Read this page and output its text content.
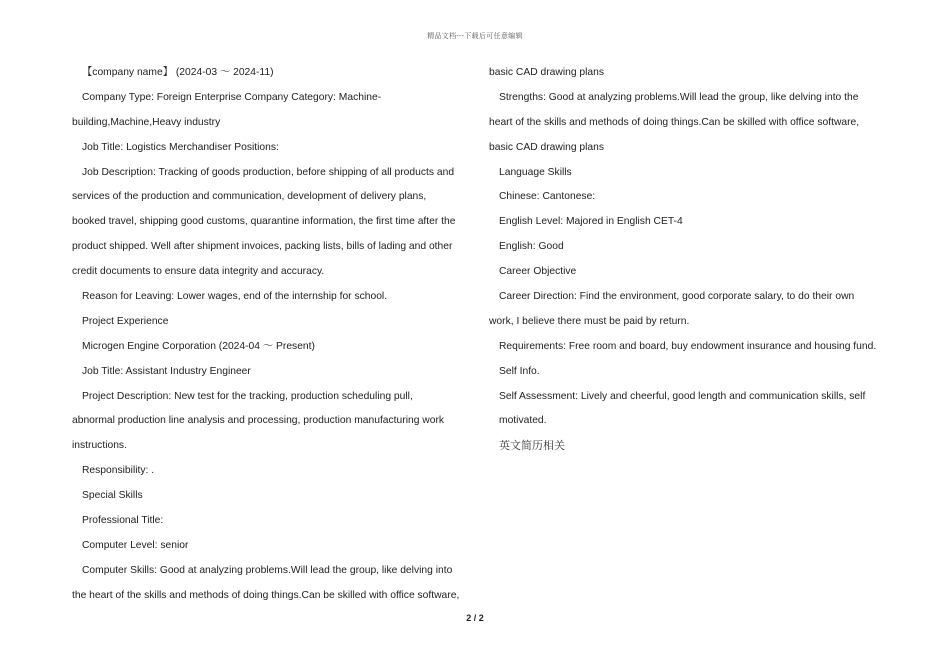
精品文档---下载后可任意编辑
【company name】 (2024-03 ～ 2024-11)
Company Type: Foreign Enterprise Company Category: Machine-
building,Machine,Heavy industry
Job Title: Logistics Merchandiser Positions:
Job Description: Tracking of goods production, before shipping of all products and
services of the production and communication, development of delivery plans,
booked travel, shipping good customs, quarantine information, the first time after the
product shipped. Well after shipment invoices, packing lists, bills of lading and other
credit documents to ensure data integrity and accuracy.
Reason for Leaving: Lower wages, end of the internship for school.
Project Experience
Microgen Engine Corporation (2024-04 ～ Present)
Job Title: Assistant Industry Engineer
Project Description: New test for the tracking, production scheduling pull,
abnormal production line analysis and processing, production manufacturing work
instructions.
Responsibility: .
Special Skills
Professional Title:
Computer Level: senior
Computer Skills: Good at analyzing problems.Will lead the group, like delving into
the heart of the skills and methods of doing things.Can be skilled with office software,
basic CAD drawing plans
Strengths: Good at analyzing problems.Will lead the group, like delving into the
heart of the skills and methods of doing things.Can be skilled with office software,
basic CAD drawing plans
Language Skills
Chinese: Cantonese:
English Level: Majored in English CET-4
English: Good
Career Objective
Career Direction: Find the environment, good corporate salary, to do their own
work, I believe there must be paid by return.
Requirements: Free room and board, buy endowment insurance and housing fund.
Self Info.
Self Assessment: Lively and cheerful, good length and communication skills, self
motivated.
英文简历相关
2 / 2
